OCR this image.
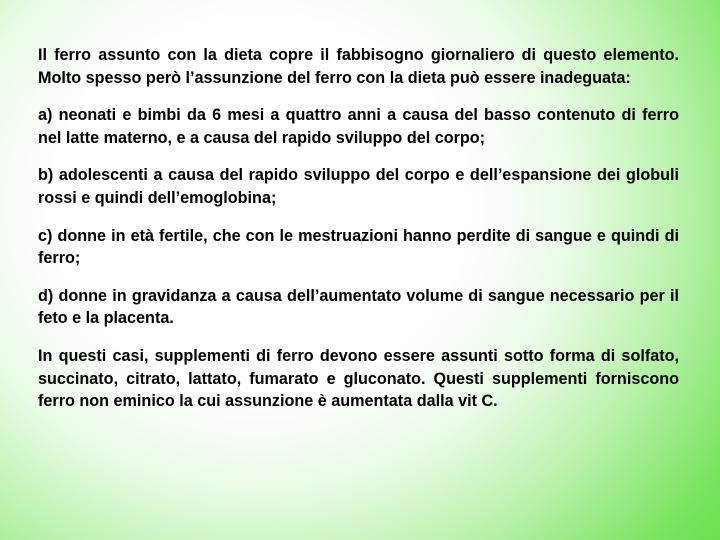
Il ferro assunto con la dieta copre il fabbisogno giornaliero di questo elemento. Molto spesso però l’assunzione del ferro con la dieta può essere inadeguata:

a) neonati e bimbi da 6 mesi a quattro anni a causa del basso contenuto di ferro nel latte materno, e a causa del rapido sviluppo del corpo;

b) adolescenti a causa del rapido sviluppo del corpo e dell’espansione dei globuli rossi e quindi dell’emoglobina;

c) donne in età fertile, che con le mestruazioni hanno perdite di sangue e quindi di ferro;

d) donne in gravidanza a causa dell’aumentato volume di sangue necessario per il feto e la placenta.

In questi casi, supplementi di ferro devono essere assunti sotto forma di solfato, succinato, citrato, lattato, fumarato e gluconato. Questi supplementi forniscono ferro non eminico la cui assunzione è aumentata dalla vit C.
